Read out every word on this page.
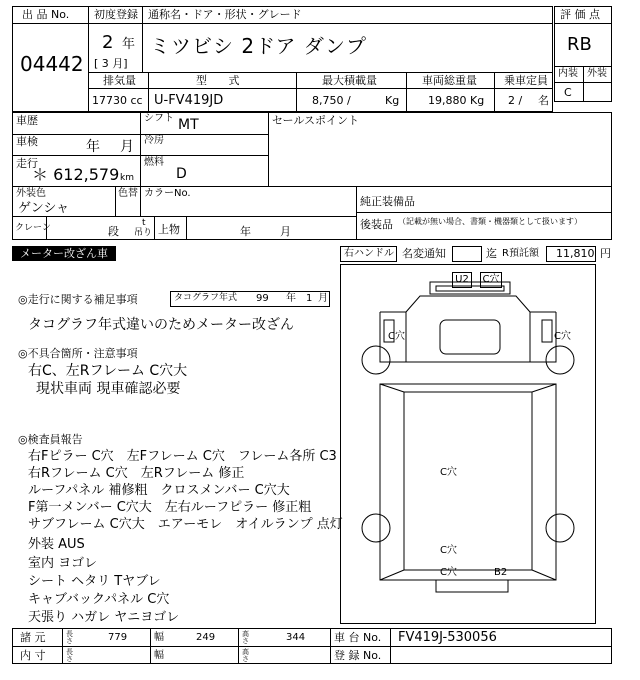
出 品 No.
04442
初度登録 通称名・ドア・形状・グレード
2 年
[ 3 月]
ミツビシ 2ドア ダンプ
評 価 点
RB
内装 外装
C
排気量	型 式	最大積載量	車両総重量 乗車定員
17730 cc U-FV419JD	8,750 /	Kg	19,880 Kg 2 / 名
車歴	シフト MT	セールスポイント
車検	年 月 冷房
走行
＊ 612,579 km
燃料
D
外装色
ゲンシャ
色替 カラーNo.
純正装備品
後装品 （記載が無い場合、書類・機器類として扱います）
クレーン	段
t
吊り 上物	年	月
メーター改ざん車	右ハンドル 名変通知	迄 R預託額 11,810 円
◎走行に関する補足事項	タコグラフ年式 99 年 1 月
タコグラフ年式違いのためメーター改ざん
◎不具合箇所・注意事項
右C、左Rフレーム C穴大
現状車両 現車確認必要
◎検査員報告
右Fピラー C穴　左Fフレーム C穴　フレーム各所 C3
右Rフレーム C穴　左Rフレーム 修正
ルーフパネル 補修粗　クロスメンバー C穴大
F第一メンバー C穴大　左右ルーフピラー 修正粗
サブフレーム C穴大　エアーモレ　オイルランプ 点灯
外装 AUS
室内 ヨゴレ
シート ヘタリ Tヤブレ
キャブバックパネル C穴
天張り ハガレ ヤニヨゴレ
U2	C穴
C穴	C穴
C穴
C穴
C穴	B2
諸 元	長さ	779	幅	249	高さ	344	車 台 No. FV419J-530056
内 寸	長さ	幅	高さ	登 録 No.
